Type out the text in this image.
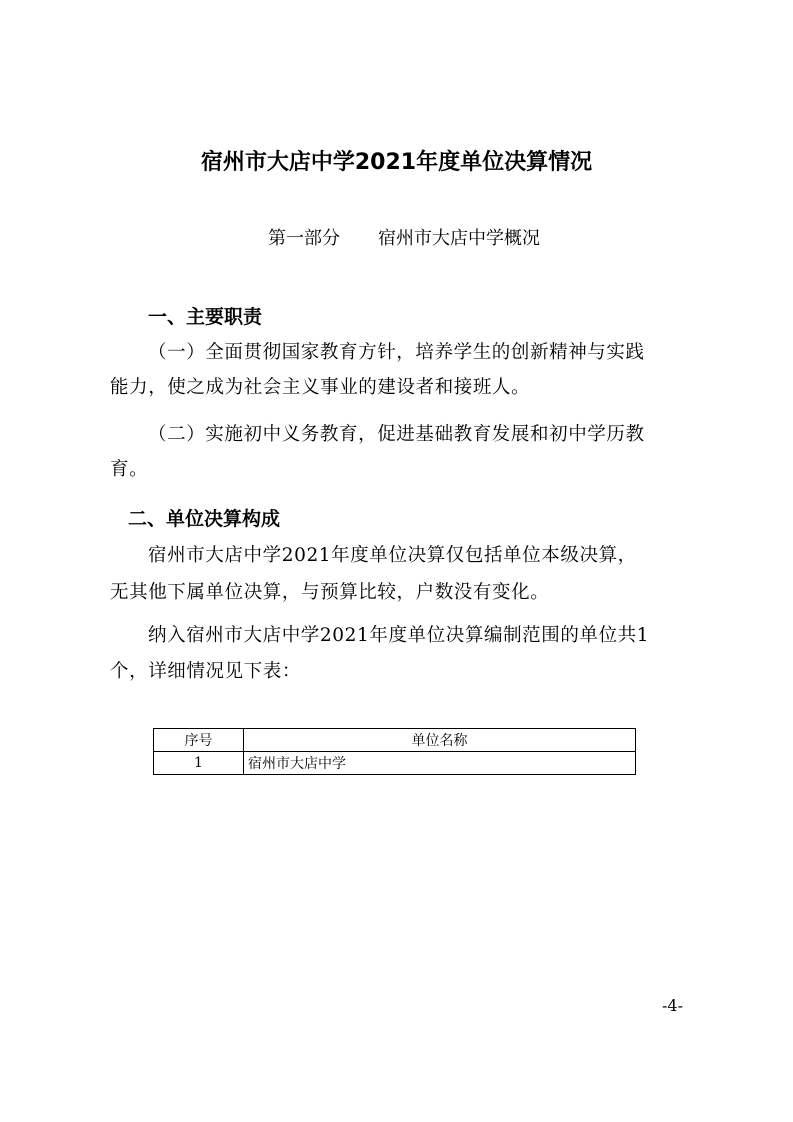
宿州市大店中学2021年度单位决算情况
第一部分 宿州市大店中学概况
一、主要职责
（一）全面贯彻国家教育方针，培养学生的创新精神与实践
能力，使之成为社会主义事业的建设者和接班人。
（二）实施初中义务教育，促进基础教育发展和初中学历教
育。
二、单位决算构成
宿州市大店中学2021年度单位决算仅包括单位本级决算，
无其他下属单位决算，与预算比较，户数没有变化。
纳入宿州市大店中学2021年度单位决算编制范围的单位共1
个，详细情况见下表：
序号	单位名称
1	宿州市大店中学
-4-
